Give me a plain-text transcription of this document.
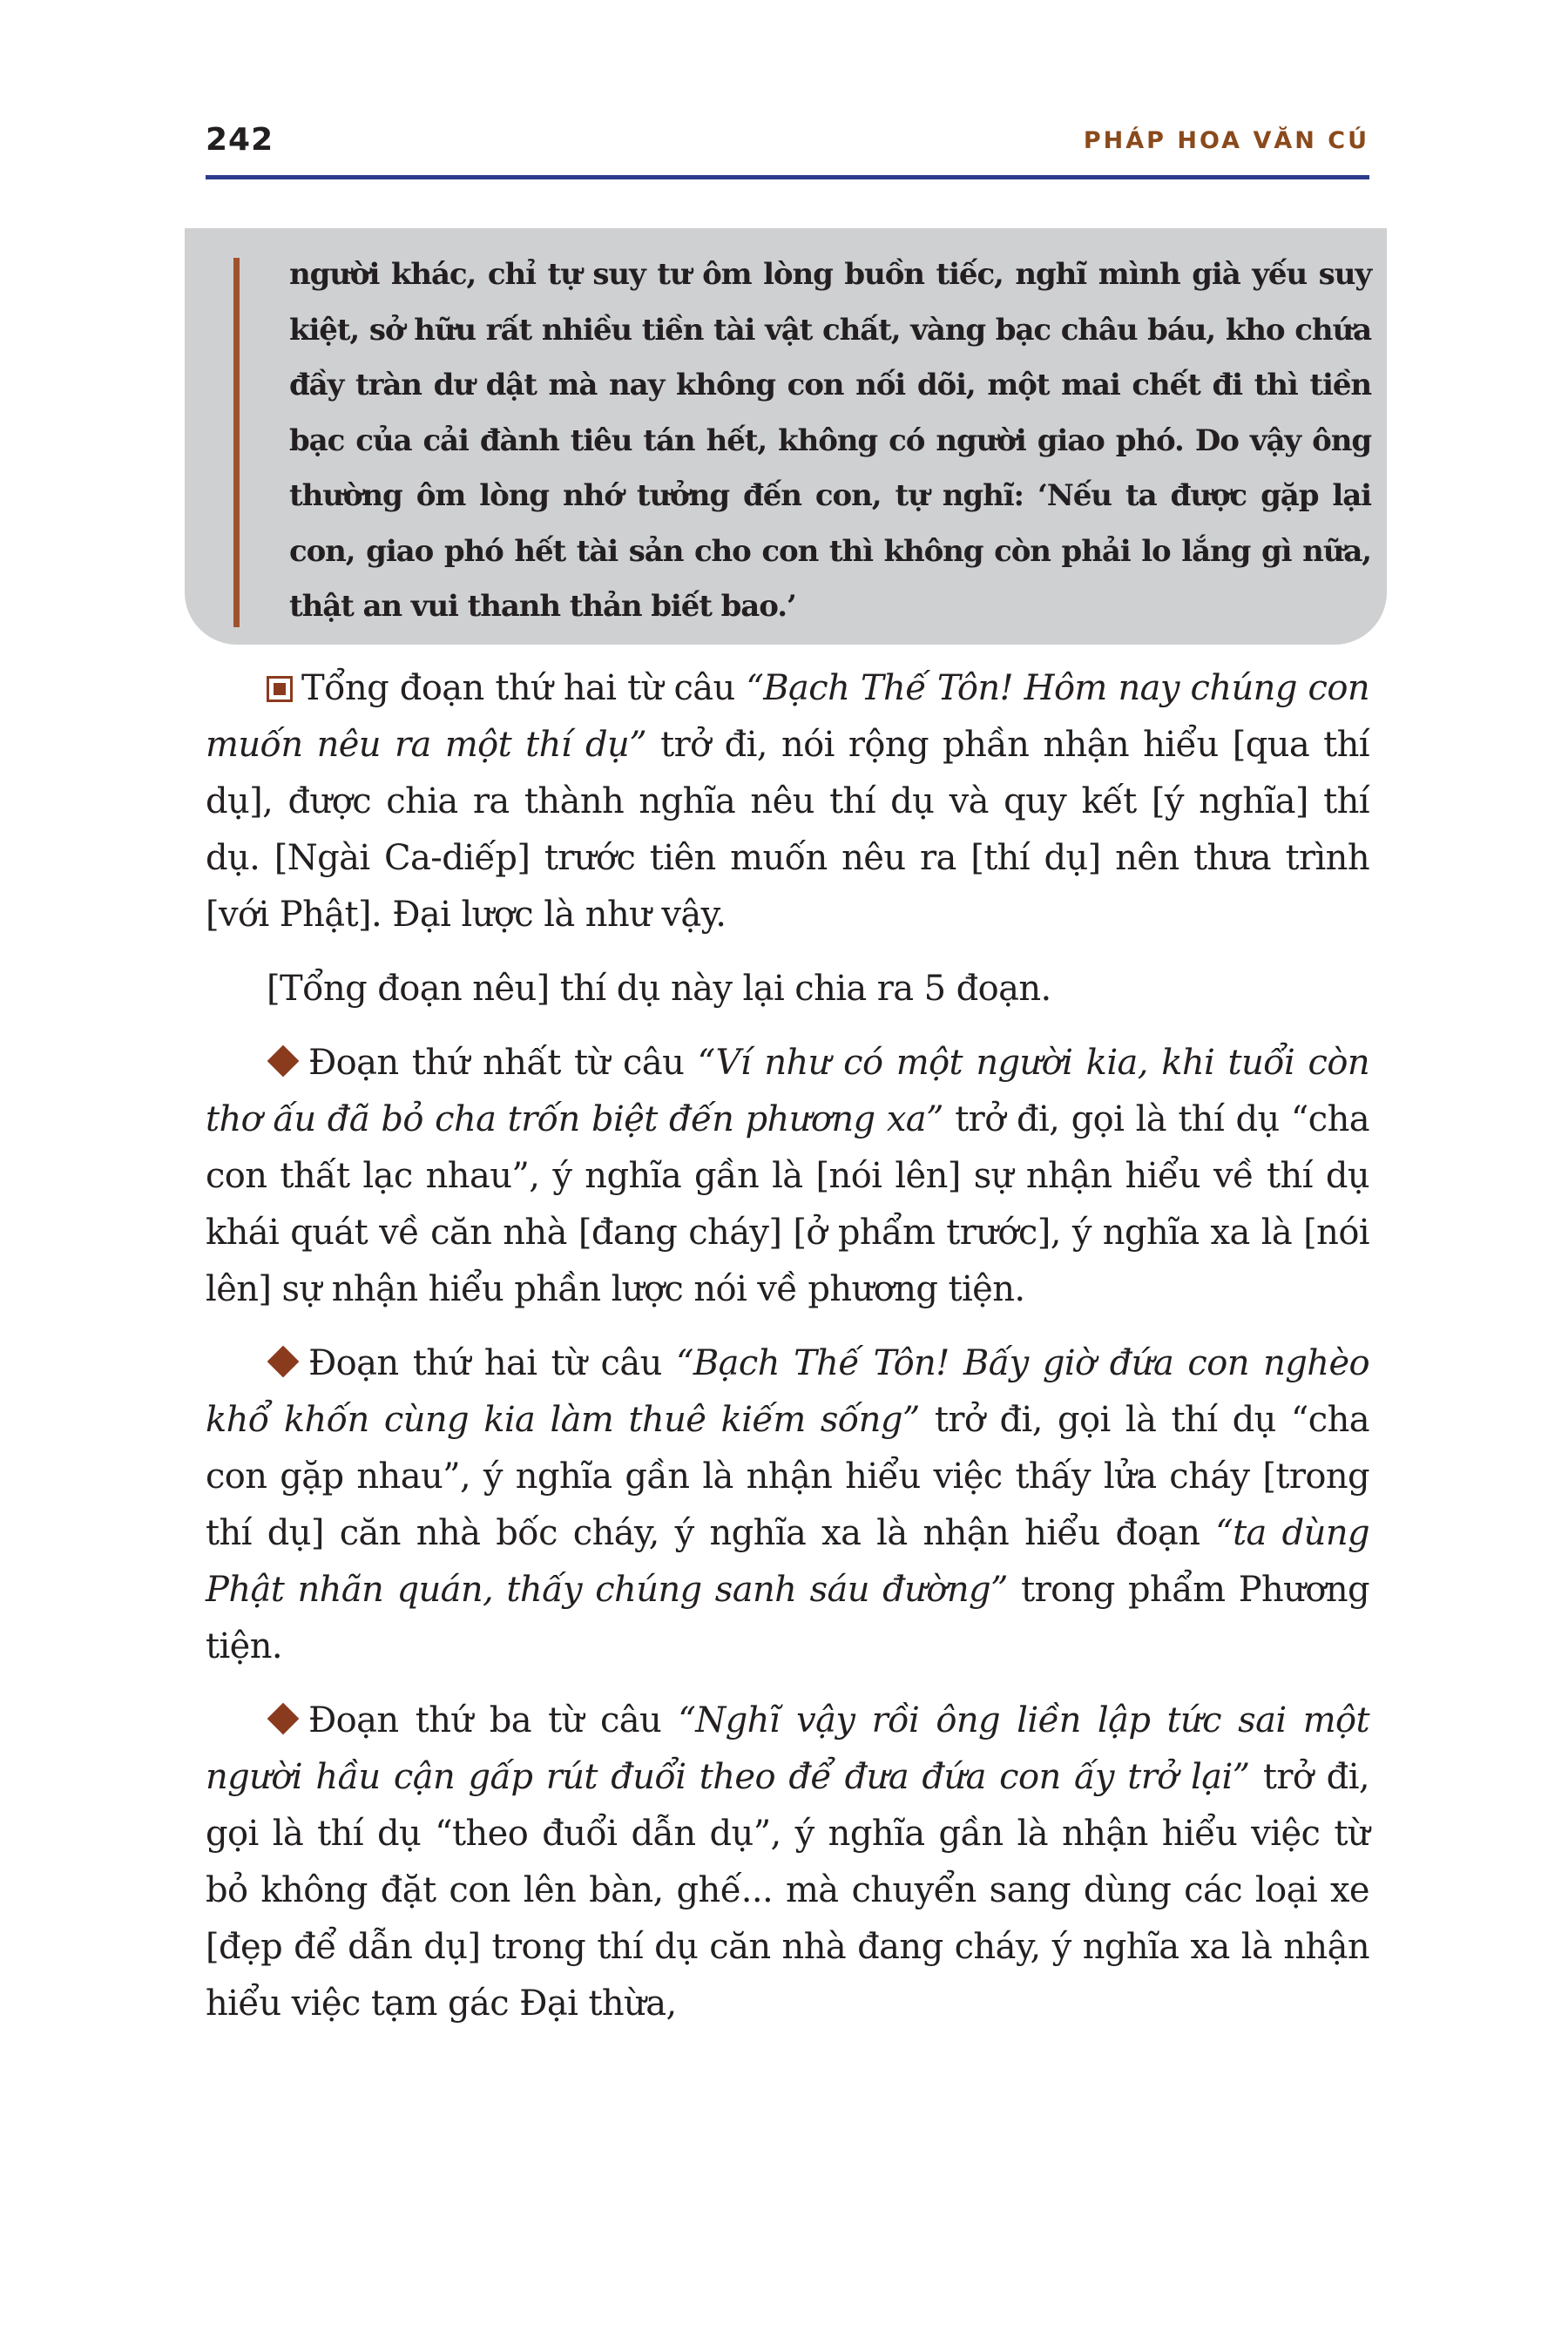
242	PHÁP HOA VĂN CÚ
người khác, chỉ tự suy tư ôm lòng buồn tiếc, nghĩ mình già yếu suy kiệt, sở hữu rất nhiều tiền tài vật chất, vàng bạc châu báu, kho chứa đầy tràn dư dật mà nay không con nối dõi, một mai chết đi thì tiền bạc của cải đành tiêu tán hết, không có người giao phó. Do vậy ông thường ôm lòng nhớ tưởng đến con, tự nghĩ: ‘Nếu ta được gặp lại con, giao phó hết tài sản cho con thì không còn phải lo lắng gì nữa, thật an vui thanh thản biết bao.’

Tổng đoạn thứ hai từ câu “Bạch Thế Tôn! Hôm nay chúng con muốn nêu ra một thí dụ” trở đi, nói rộng phần nhận hiểu [qua thí dụ], được chia ra thành nghĩa nêu thí dụ và quy kết [ý nghĩa] thí dụ. [Ngài Ca-diếp] trước tiên muốn nêu ra [thí dụ] nên thưa trình [với Phật]. Đại lược là như vậy.

[Tổng đoạn nêu] thí dụ này lại chia ra 5 đoạn.

Đoạn thứ nhất từ câu “Ví như có một người kia, khi tuổi còn thơ ấu đã bỏ cha trốn biệt đến phương xa” trở đi, gọi là thí dụ “cha con thất lạc nhau”, ý nghĩa gần là [nói lên] sự nhận hiểu về thí dụ khái quát về căn nhà [đang cháy] [ở phẩm trước], ý nghĩa xa là [nói lên] sự nhận hiểu phần lược nói về phương tiện.

Đoạn thứ hai từ câu “Bạch Thế Tôn! Bấy giờ đứa con nghèo khổ khốn cùng kia làm thuê kiếm sống” trở đi, gọi là thí dụ “cha con gặp nhau”, ý nghĩa gần là nhận hiểu việc thấy lửa cháy [trong thí dụ] căn nhà bốc cháy, ý nghĩa xa là nhận hiểu đoạn “ta dùng Phật nhãn quán, thấy chúng sanh sáu đường” trong phẩm Phương tiện.

Đoạn thứ ba từ câu “Nghĩ vậy rồi ông liền lập tức sai một người hầu cận gấp rút đuổi theo để đưa đứa con ấy trở lại” trở đi, gọi là thí dụ “theo đuổi dẫn dụ”, ý nghĩa gần là nhận hiểu việc từ bỏ không đặt con lên bàn, ghế... mà chuyển sang dùng các loại xe [đẹp để dẫn dụ] trong thí dụ căn nhà đang cháy, ý nghĩa xa là nhận hiểu việc tạm gác Đại thừa,
